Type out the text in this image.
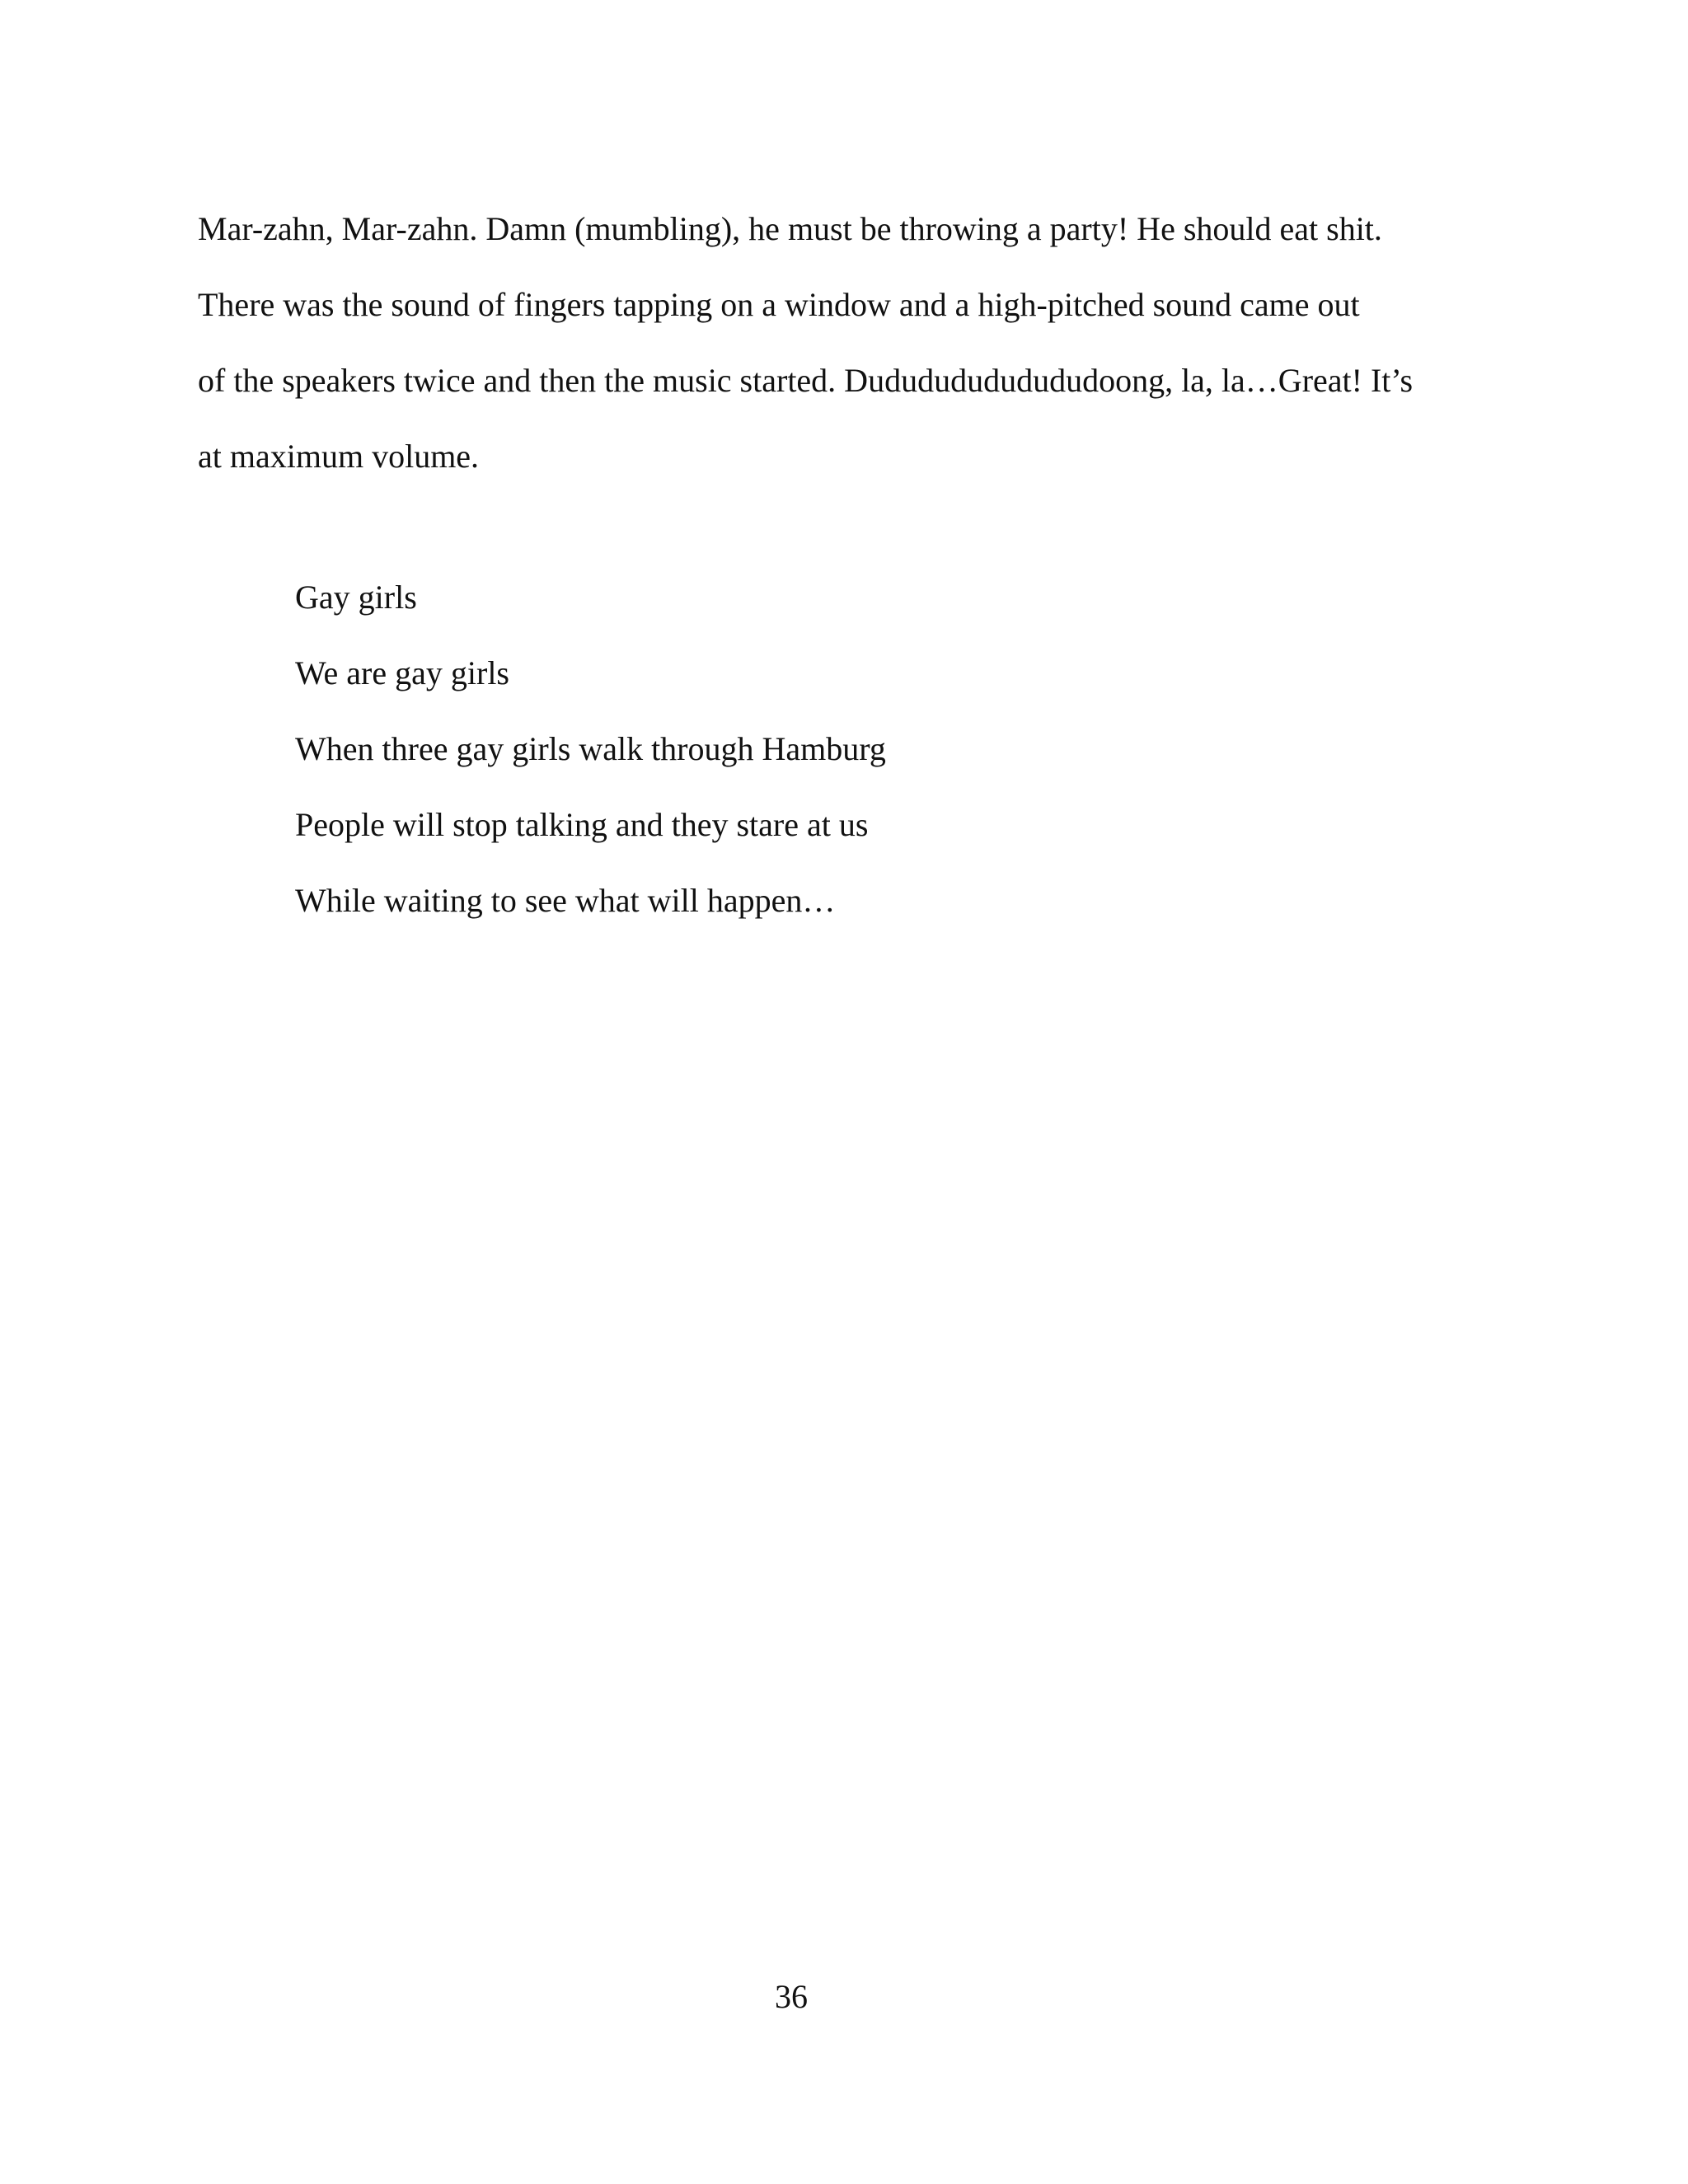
Mar-zahn, Mar-zahn. Damn (mumbling), he must be throwing a party! He should eat shit.
There was the sound of fingers tapping on a window and a high-pitched sound came out
of the speakers twice and then the music started. Dudududududududoong, la, la…Great! It’s
at maximum volume.
Gay girls
We are gay girls
When three gay girls walk through Hamburg
People will stop talking and they stare at us
While waiting to see what will happen…
36
